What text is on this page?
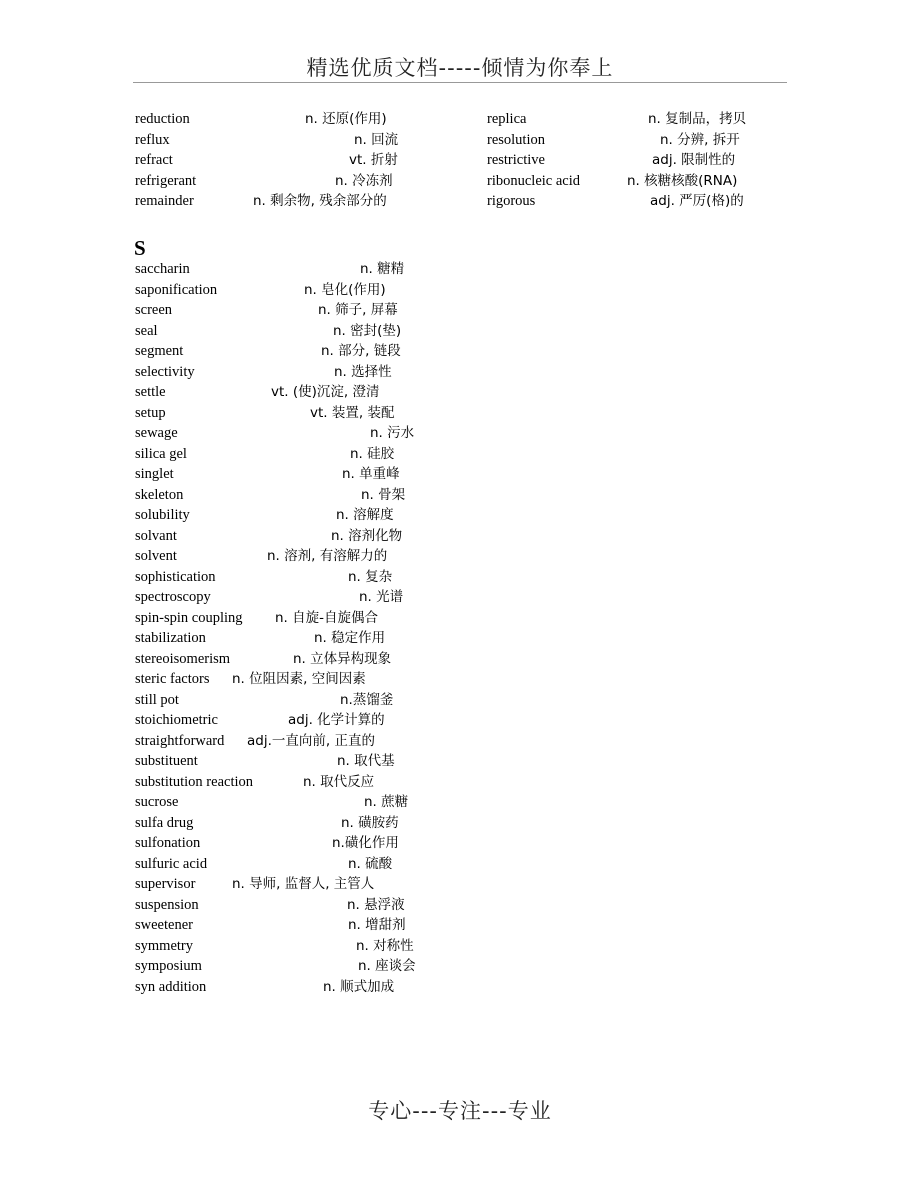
精选优质文档-----倾情为你奉上
reduction	n. 还原(作用)
reflux	n. 回流
refract	vt. 折射
refrigerant	n. 冷冻剂
remainder	n. 剩余物, 残余部分的
replica	n. 复制品，拷贝
resolution	n. 分辨, 拆开
restrictive	adj. 限制性的
ribonucleic acid	n. 核糖核酸(RNA)
rigorous	adj. 严厉(格)的
S
saccharin	n. 糖精
saponification	n. 皂化(作用)
screen	n. 筛子, 屏幕
seal	n. 密封(垫)
segment	n. 部分, 链段
selectivity	n. 选择性
settle	vt. (使)沉淀, 澄清
setup	vt. 装置, 装配
sewage	n. 污水
silica gel	n. 硅胶
singlet	n. 单重峰
skeleton	n. 骨架
solubility	n. 溶解度
solvant	n. 溶剂化物
solvent	n. 溶剂, 有溶解力的
sophistication	n. 复杂
spectroscopy	n. 光谱
spin-spin coupling n. 自旋-自旋偶合
stabilization	n. 稳定作用
stereoisomerism	n. 立体异构现象
steric factors n. 位阻因素, 空间因素
still pot	n.蒸馏釜
stoichiometric	adj. 化学计算的
straightforward adj.一直向前, 正直的
substituent	n. 取代基
substitution reaction	n. 取代反应
sucrose	n. 蔗糖
sulfa drug	n. 磺胺药
sulfonation	n.磺化作用
sulfuric acid	n. 硫酸
supervisor	n. 导师, 监督人, 主管人
suspension	n. 悬浮液
sweetener	n. 增甜剂
symmetry	n. 对称性
symposium	n. 座谈会
syn addition	n. 顺式加成
专心---专注---专业
